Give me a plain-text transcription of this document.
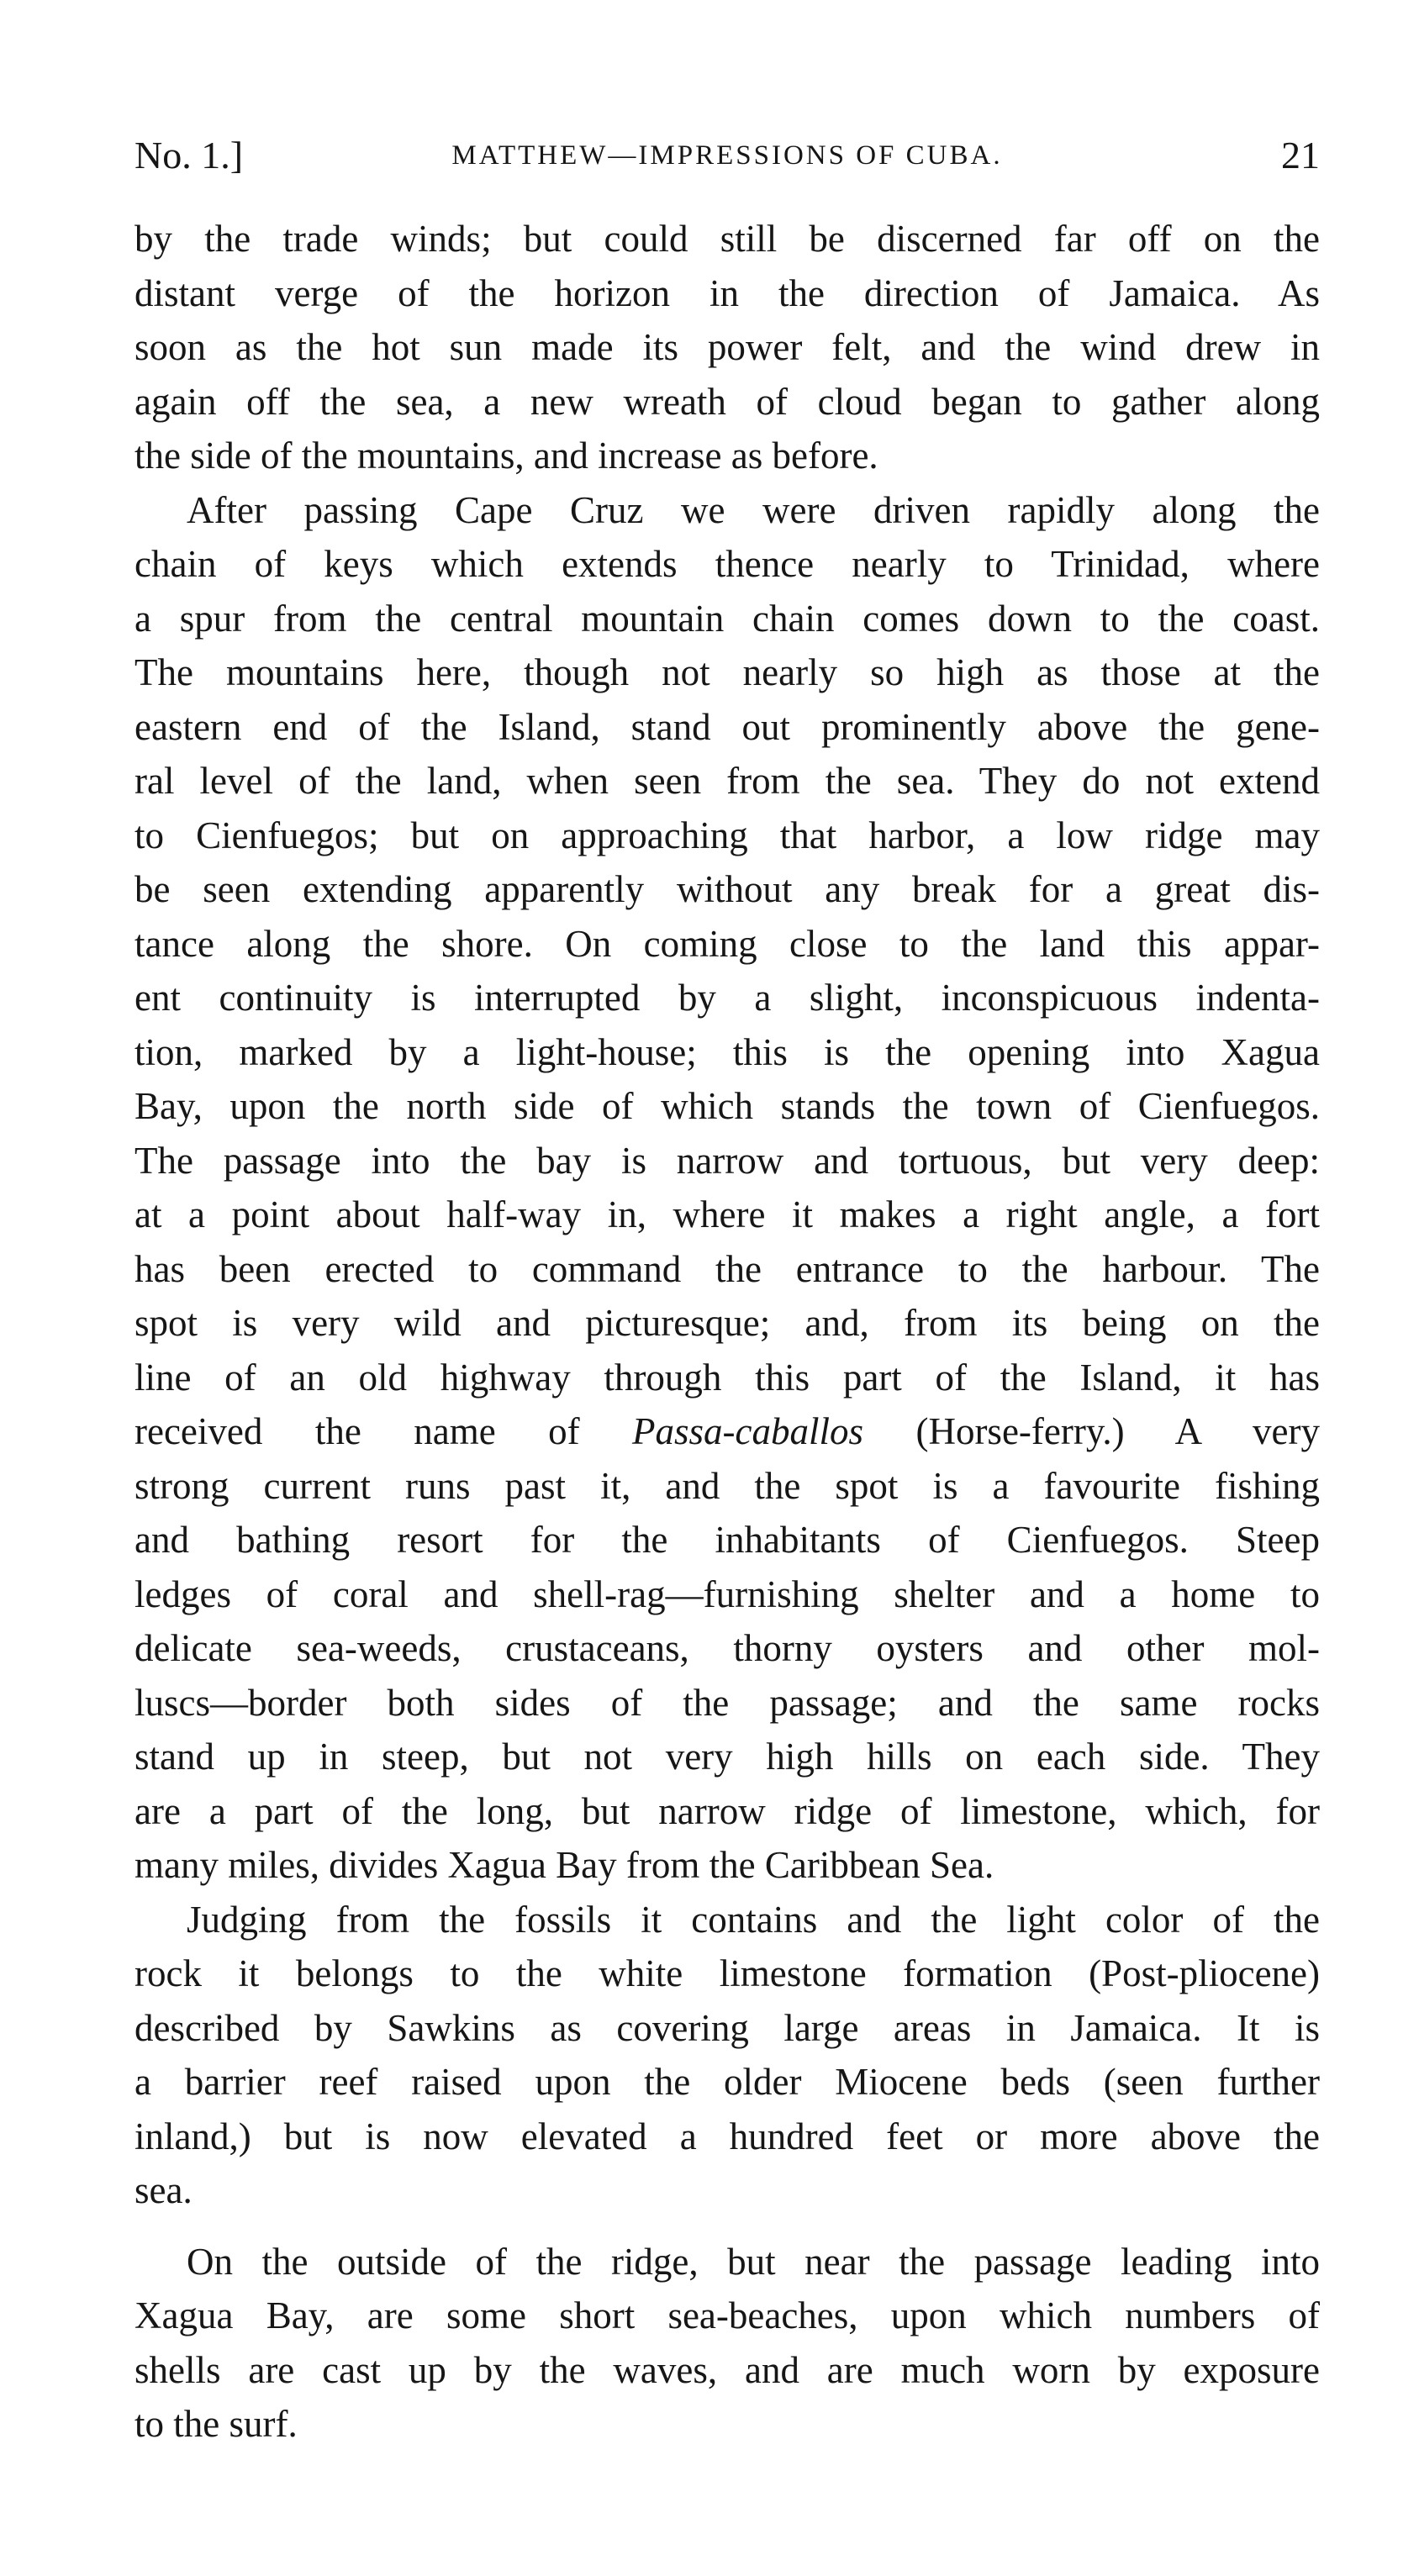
No. 1.]	MATTHEW—IMPRESSIONS OF CUBA.	21
by the trade winds; but could still be discerned far off on the
distant verge of the horizon in the direction of Jamaica. As
soon as the hot sun made its power felt, and the wind drew in
again off the sea, a new wreath of cloud began to gather along
the side of the mountains, and increase as before.
After passing Cape Cruz we were driven rapidly along the
chain of keys which extends thence nearly to Trinidad, where
a spur from the central mountain chain comes down to the coast.
The mountains here, though not nearly so high as those at the
eastern end of the Island, stand out prominently above the gene-
ral level of the land, when seen from the sea. They do not extend
to Cienfuegos; but on approaching that harbor, a low ridge may
be seen extending apparently without any break for a great dis-
tance along the shore. On coming close to the land this appar-
ent continuity is interrupted by a slight, inconspicuous indenta-
tion, marked by a light-house; this is the opening into Xagua
Bay, upon the north side of which stands the town of Cienfuegos.
The passage into the bay is narrow and tortuous, but very deep:
at a point about half-way in, where it makes a right angle, a fort
has been erected to command the entrance to the harbour. The
spot is very wild and picturesque; and, from its being on the
line of an old highway through this part of the Island, it has
received the name of Passa-caballos (Horse-ferry.) A very
strong current runs past it, and the spot is a favourite fishing
and bathing resort for the inhabitants of Cienfuegos. Steep
ledges of coral and shell-rag—furnishing shelter and a home to
delicate sea-weeds, crustaceans, thorny oysters and other mol-
luscs—border both sides of the passage; and the same rocks
stand up in steep, but not very high hills on each side. They
are a part of the long, but narrow ridge of limestone, which, for
many miles, divides Xagua Bay from the Caribbean Sea.
Judging from the fossils it contains and the light color of the
rock it belongs to the white limestone formation (Post-pliocene)
described by Sawkins as covering large areas in Jamaica. It is
a barrier reef raised upon the older Miocene beds (seen further
inland,) but is now elevated a hundred feet or more above the
sea.
On the outside of the ridge, but near the passage leading into
Xagua Bay, are some short sea-beaches, upon which numbers of
shells are cast up by the waves, and are much worn by exposure
to the surf.
